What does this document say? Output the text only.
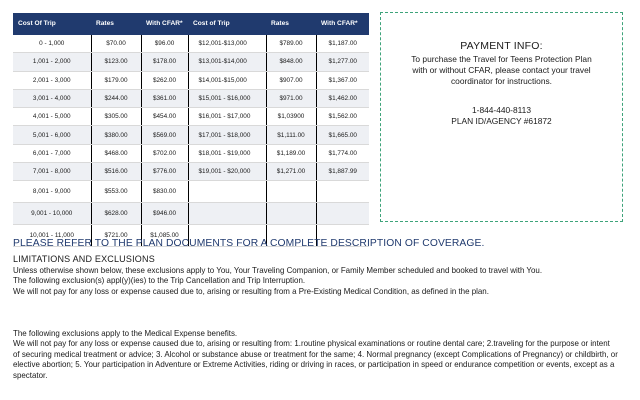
Cost Of Trip	Rates	With CFAR*	Cost of Trip	Rates	With CFAR*
0 - 1,000	$70.00	$96.00	$12,001-$13,000	$789.00	$1,187.00
1,001 - 2,000	$123.00	$178.00	$13,001-$14,000	$848.00	$1,277.00
2,001 - 3,000	$179.00	$262.00	$14,001-$15,000	$907.00	$1,367.00
3,001 - 4,000	$244.00	$361.00	$15,001 - $16,000	$971.00	$1,462.00
4,001 - 5,000	$305.00	$454.00	$16,001 - $17,000	$1,03900	$1,562.00
5,001 - 6,000	$380.00	$569.00	$17,001 - $18,000	$1,111.00	$1,665.00
6,001 - 7,000	$468.00	$702.00	$18,001 - $19,000	$1,189.00	$1,774.00
7,001 - 8,000	$516.00	$776.00	$19,001 - $20,000	$1,271.00	$1,887.99
8,001 - 9,000	$553.00	$830.00			
9,001 - 10,000	$628.00	$946.00			
10,001 - 11,000	$721.00	$1,085.00			
PAYMENT INFO:
To purchase the Travel for Teens Protection Plan with or without CFAR, please contact your travel coordinator for instructions.
1-844-440-8113
PLAN ID/AGENCY #61872
PLEASE REFER TO THE PLAN DOCUMENTS FOR A COMPLETE DESCRIPTION OF COVERAGE.
LIMITATIONS AND EXCLUSIONS
Unless otherwise shown below, these exclusions apply to You, Your Traveling Companion, or Family Member scheduled and booked to travel with You.
The following exclusion(s) appl(y)(ies) to the Trip Cancellation and Trip Interruption.
We will not pay for any loss or expense caused due to, arising or resulting from a Pre-Existing Medical Condition, as defined in the plan.
The following exclusions apply to the Medical Expense benefits.
We will not pay for any loss or expense caused due to, arising or resulting from: 1.routine physical examinations or routine dental care; 2.traveling for the purpose or intent of securing medical treatment or advice; 3. Alcohol or substance abuse or treatment for the same; 4. Normal pregnancy (except Complications of Pregnancy) or childbirth, or elective abortion; 5. Your participation in Adventure or Extreme Activities, riding or driving in races, or participation in speed or endurance competition or events, except as a spectator.
